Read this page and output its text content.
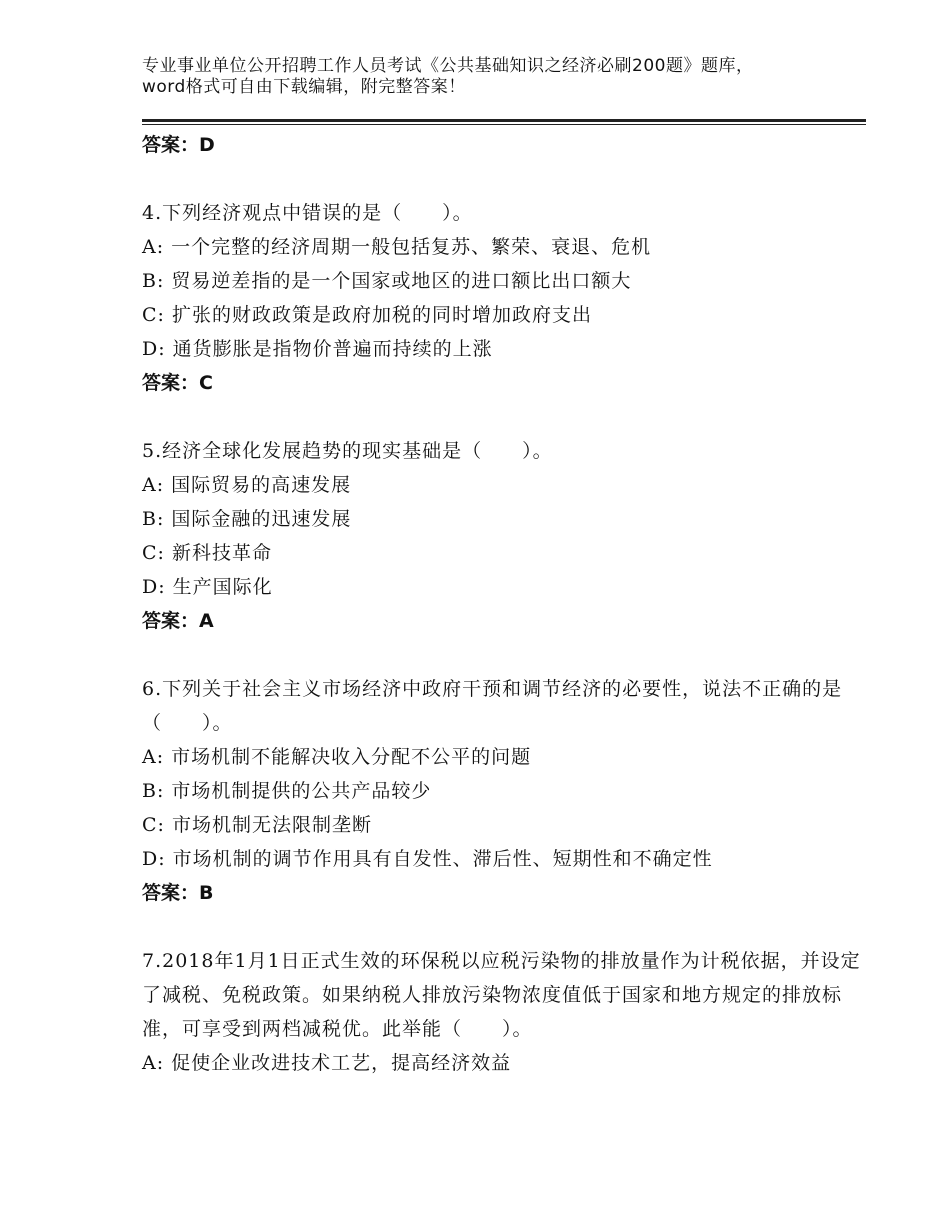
专业事业单位公开招聘工作人员考试《公共基础知识之经济必刷200题》题库，word格式可自由下载编辑，附完整答案！

答案：D

4.下列经济观点中错误的是（　　）。

A: 一个完整的经济周期一般包括复苏、繁荣、衰退、危机

B: 贸易逆差指的是一个国家或地区的进口额比出口额大

C: 扩张的财政政策是政府加税的同时增加政府支出

D: 通货膨胀是指物价普遍而持续的上涨

答案：C

5.经济全球化发展趋势的现实基础是（　　）。

A: 国际贸易的高速发展

B: 国际金融的迅速发展

C: 新科技革命

D: 生产国际化

答案：A

6.下列关于社会主义市场经济中政府干预和调节经济的必要性，说法不正确的是（　　）。

A: 市场机制不能解决收入分配不公平的问题

B: 市场机制提供的公共产品较少

C: 市场机制无法限制垄断

D: 市场机制的调节作用具有自发性、滞后性、短期性和不确定性

答案：B

7.2018年1月1日正式生效的环保税以应税污染物的排放量作为计税依据，并设定了减税、免税政策。如果纳税人排放污染物浓度值低于国家和地方规定的排放标准，可享受到两档减税优。此举能（　　）。

A: 促使企业改进技术工艺，提高经济效益
